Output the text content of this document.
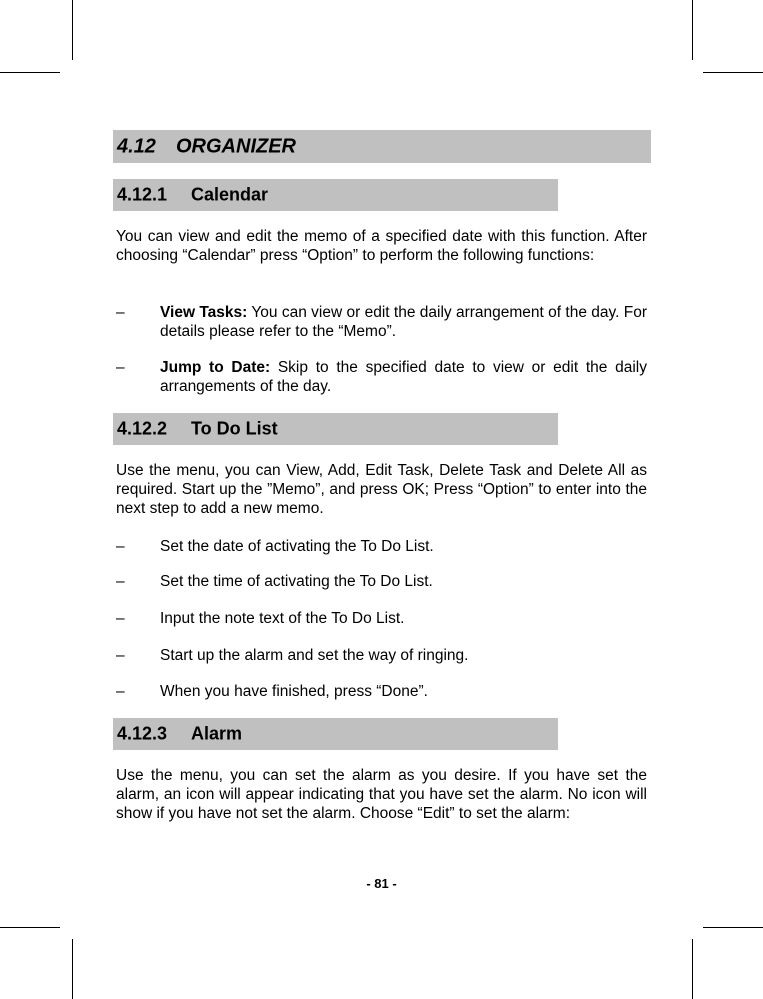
4.12 ORGANIZER
4.12.1 Calendar
You can view and edit the memo of a specified date with this function. After choosing “Calendar” press “Option” to perform the following functions:
– View Tasks: You can view or edit the daily arrangement of the day. For details please refer to the “Memo”.
– Jump to Date: Skip to the specified date to view or edit the daily arrangements of the day.
4.12.2 To Do List
Use the menu, you can View, Add, Edit Task, Delete Task and Delete All as required. Start up the ”Memo”, and press OK; Press “Option” to enter into the next step to add a new memo.
– Set the date of activating the To Do List.
– Set the time of activating the To Do List.
– Input the note text of the To Do List.
– Start up the alarm and set the way of ringing.
– When you have finished, press “Done”.
4.12.3 Alarm
Use the menu, you can set the alarm as you desire. If you have set the alarm, an icon will appear indicating that you have set the alarm. No icon will show if you have not set the alarm. Choose “Edit” to set the alarm:
- 81 -
